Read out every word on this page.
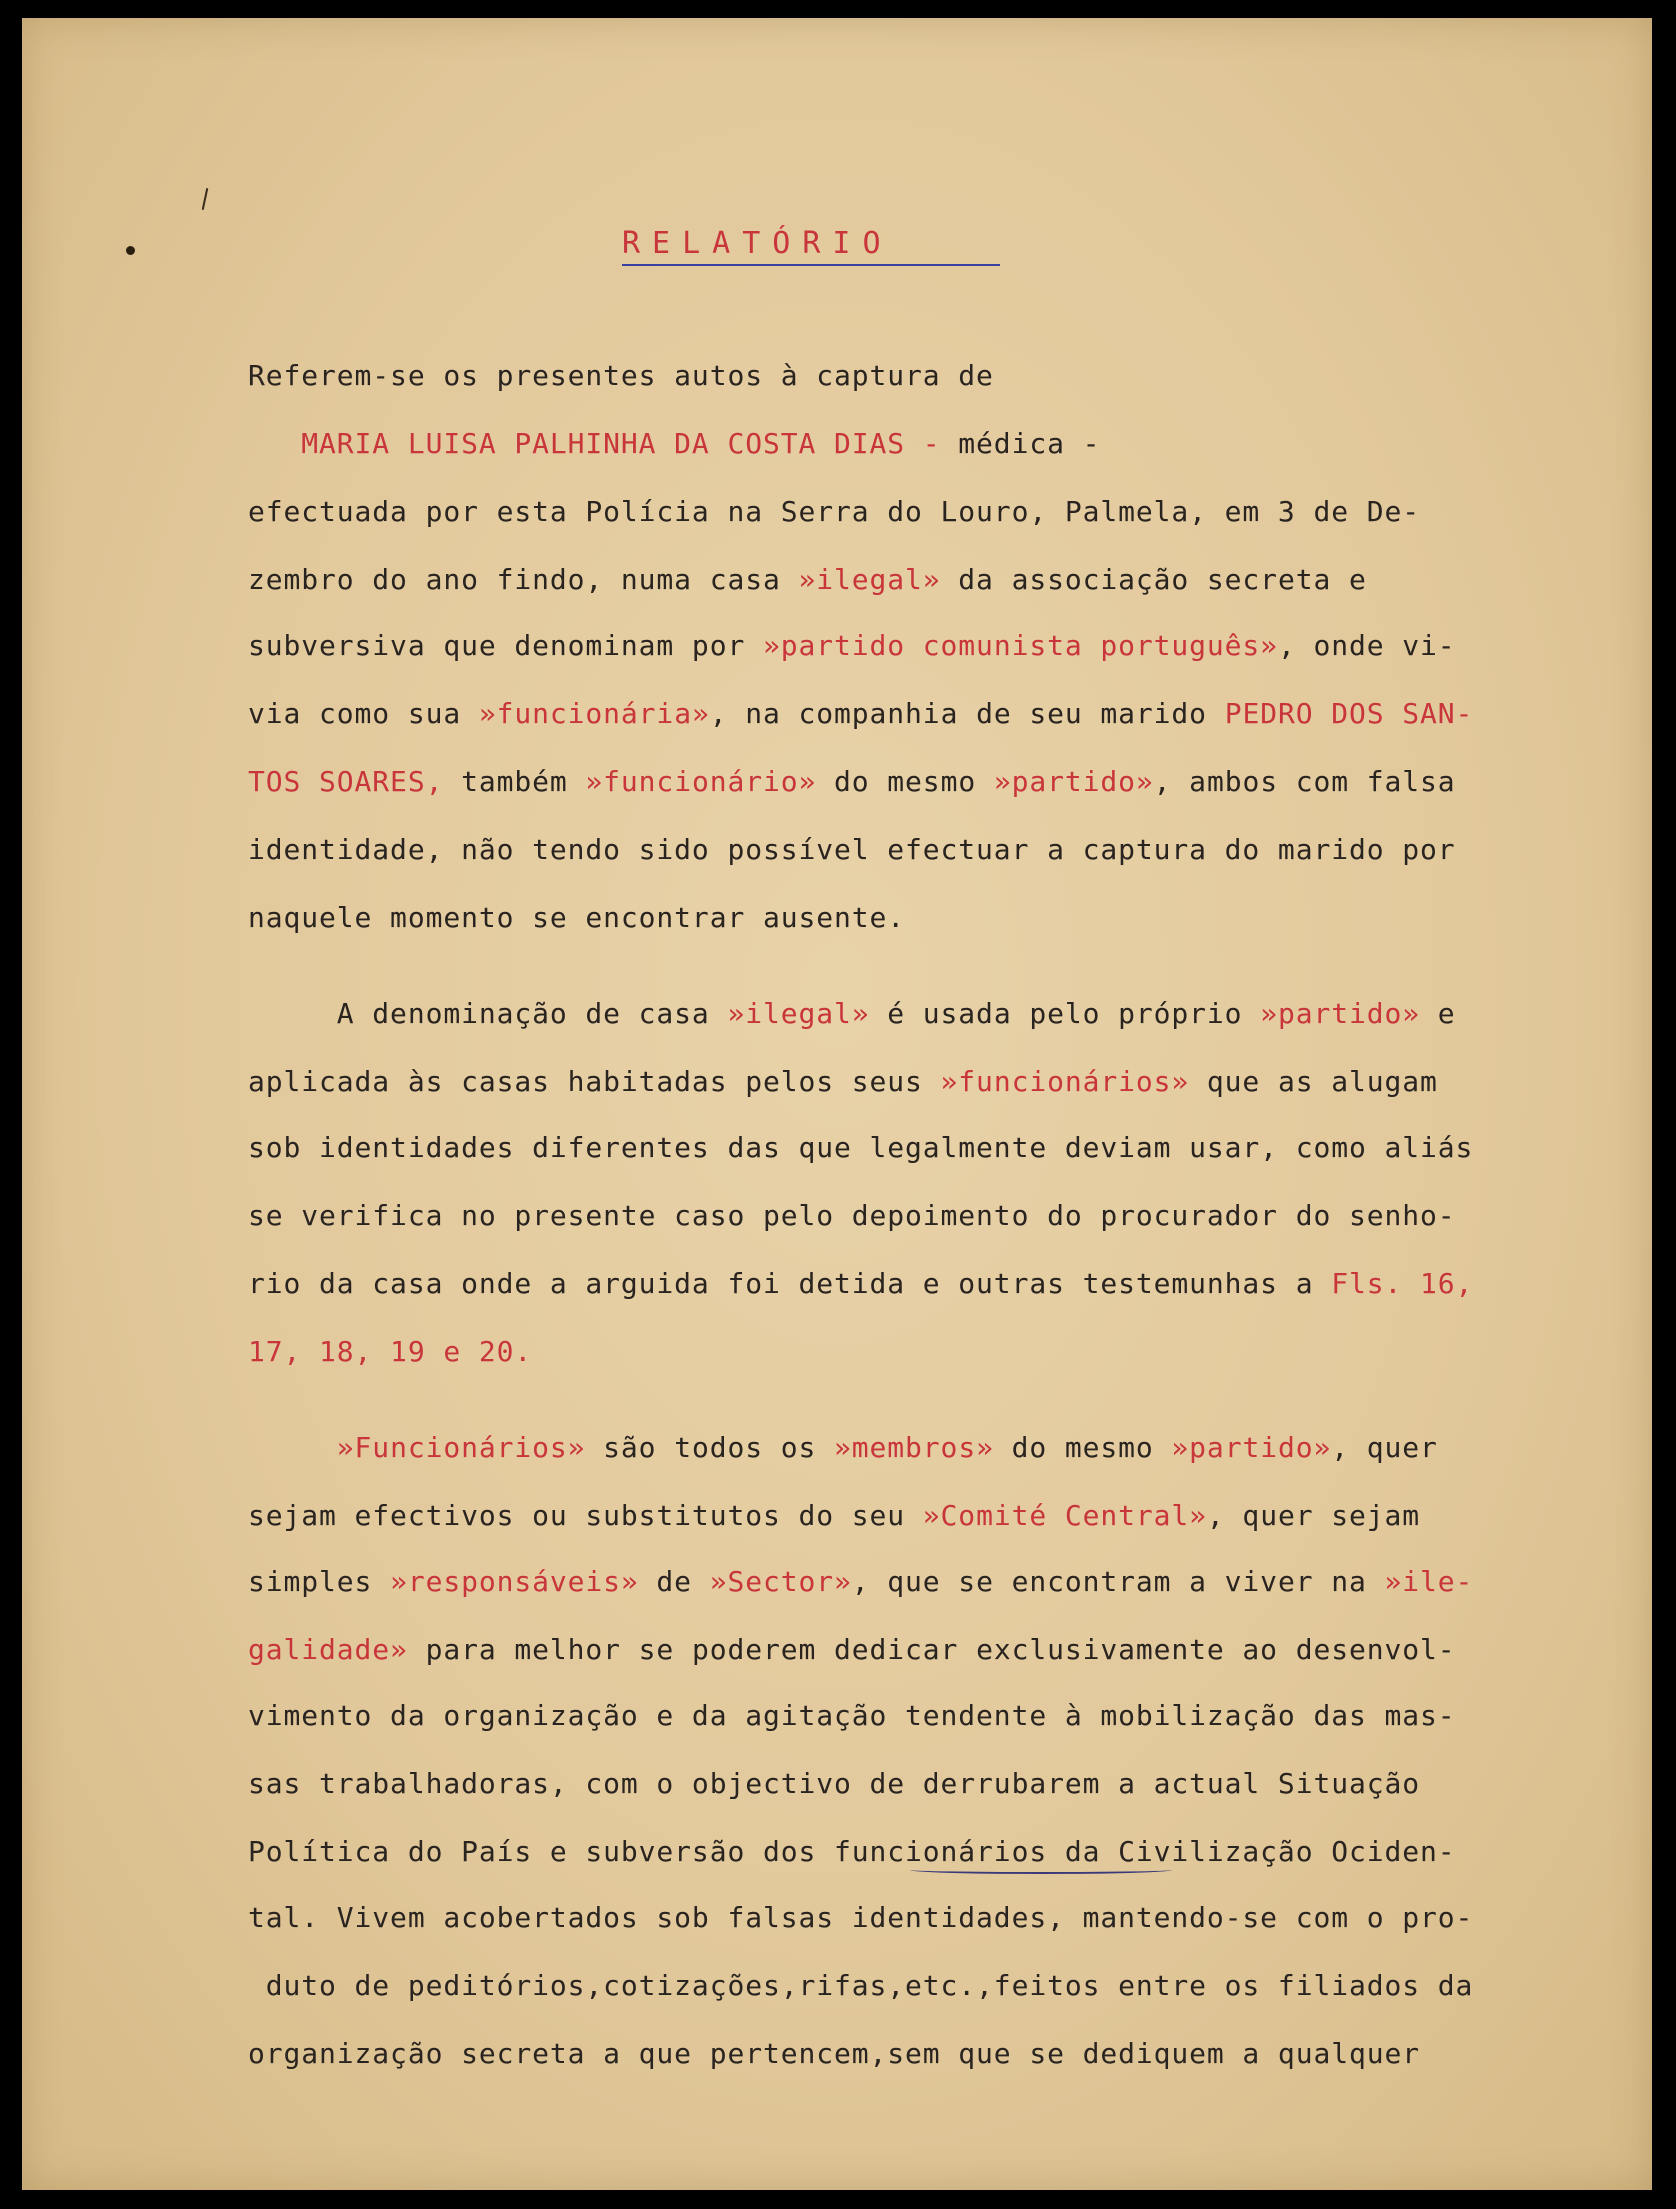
RELATÓRIO
Referem-se os presentes autos à captura de
MARIA LUISA PALHINHA DA COSTA DIAS - médica -
efectuada por esta Polícia na Serra do Louro, Palmela, em 3 de De-
zembro do ano findo, numa casa »ilegal» da associação secreta e
subversiva que denominam por »partido comunista português», onde vi-
via como sua »funcionária», na companhia de seu marido PEDRO DOS SAN-
TOS SOARES, também »funcionário» do mesmo »partido», ambos com falsa
identidade, não tendo sido possível efectuar a captura do marido por
naquele momento se encontrar ausente.
A denominação de casa »ilegal» é usada pelo próprio »partido» e
aplicada às casas habitadas pelos seus »funcionários» que as alugam
sob identidades diferentes das que legalmente deviam usar, como aliás
se verifica no presente caso pelo depoimento do procurador do senho-
rio da casa onde a arguida foi detida e outras testemunhas a Fls. 16,
17, 18, 19 e 20.
»Funcionários» são todos os »membros» do mesmo »partido», quer
sejam efectivos ou substitutos do seu »Comité Central», quer sejam
simples »responsáveis» de »Sector», que se encontram a viver na »ile-
galidade» para melhor se poderem dedicar exclusivamente ao desenvol-
vimento da organização e da agitação tendente à mobilização das mas-
sas trabalhadoras, com o objectivo de derrubarem a actual Situação
Política do País e subversão dos funcionários da Civilização Ociden-
tal. Vivem acobertados sob falsas identidades, mantendo-se com o pro-
duto de peditórios,cotizações,rifas,etc.,feitos entre os filiados da
organização secreta a que pertencem,sem que se dediquem a qualquer
